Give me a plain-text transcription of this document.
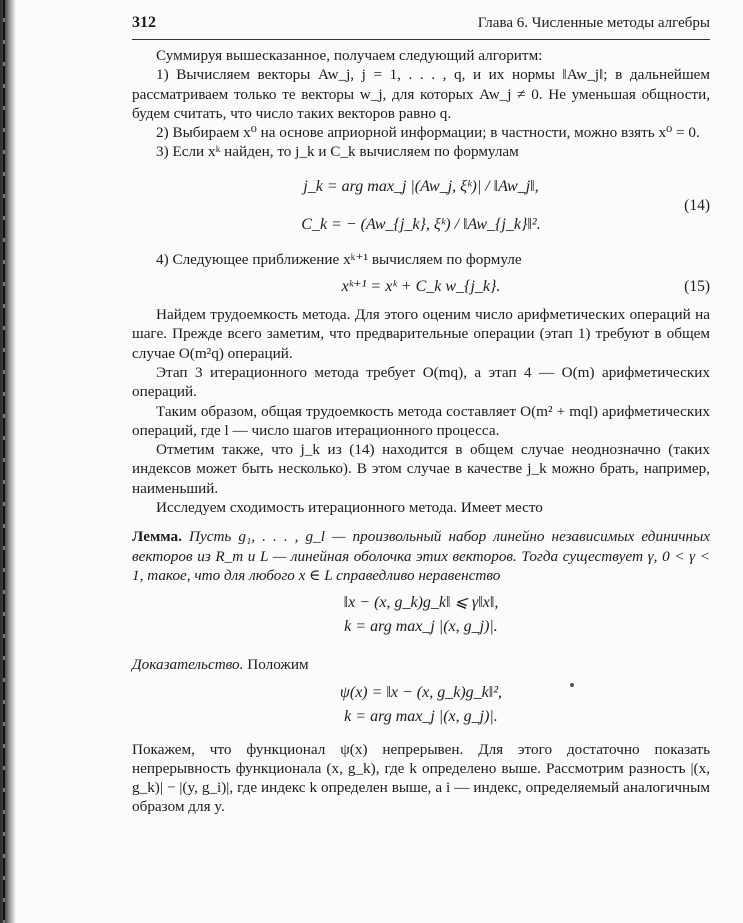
312	Глава 6. Численные методы алгебры

Суммируя вышесказанное, получаем следующий алгоритм:

1) Вычисляем векторы Aw_j, j = 1, . . . , q, и их нормы ‖Aw_j‖; в дальнейшем рассматриваем только те векторы w_j, для которых Aw_j ≠ 0. Не уменьшая общности, будем считать, что число таких векторов равно q.

2) Выбираем x⁰ на основе априорной информации; в частности, можно взять x⁰ = 0.

3) Если xᵏ найден, то j_k и C_k вычисляем по формулам

j_k = arg max_j |(Aw_j, ξᵏ)| / ‖Aw_j‖,
C_k = − (Aw_{j_k}, ξᵏ) / ‖Aw_{j_k}‖².
(14)

4) Следующее приближение xᵏ⁺¹ вычисляем по формуле

xᵏ⁺¹ = xᵏ + C_k w_{j_k}.	(15)

Найдем трудоемкость метода. Для этого оценим число арифметических операций на шаге. Прежде всего заметим, что предварительные операции (этап 1) требуют в общем случае O(m²q) операций.

Этап 3 итерационного метода требует O(mq), а этап 4 — O(m) арифметических операций.

Таким образом, общая трудоемкость метода составляет O(m² + mql) арифметических операций, где l — число шагов итерационного процесса.

Отметим также, что j_k из (14) находится в общем случае неоднозначно (таких индексов может быть несколько). В этом случае в качестве j_k можно брать, например, наименьший.

Исследуем сходимость итерационного метода. Имеет место

Лемма. Пусть g₁, . . . , g_l — произвольный набор линейно независимых единичных векторов из R_m и L — линейная оболочка этих векторов. Тогда существует γ, 0 < γ < 1, такое, что для любого x ∈ L справедливо неравенство

‖x − (x, g_k)g_k‖ ⩽ γ‖x‖,
k = arg max_j |(x, g_j)|.

Доказательство. Положим

ψ(x) = ‖x − (x, g_k)g_k‖²,
k = arg max_j |(x, g_j)|.

Покажем, что функционал ψ(x) непрерывен. Для этого достаточно показать непрерывность функционала (x, g_k), где k определено выше. Рассмотрим разность |(x, g_k)| − |(y, g_i)|, где индекс k определен выше, а i — индекс, определяемый аналогичным образом для y.
